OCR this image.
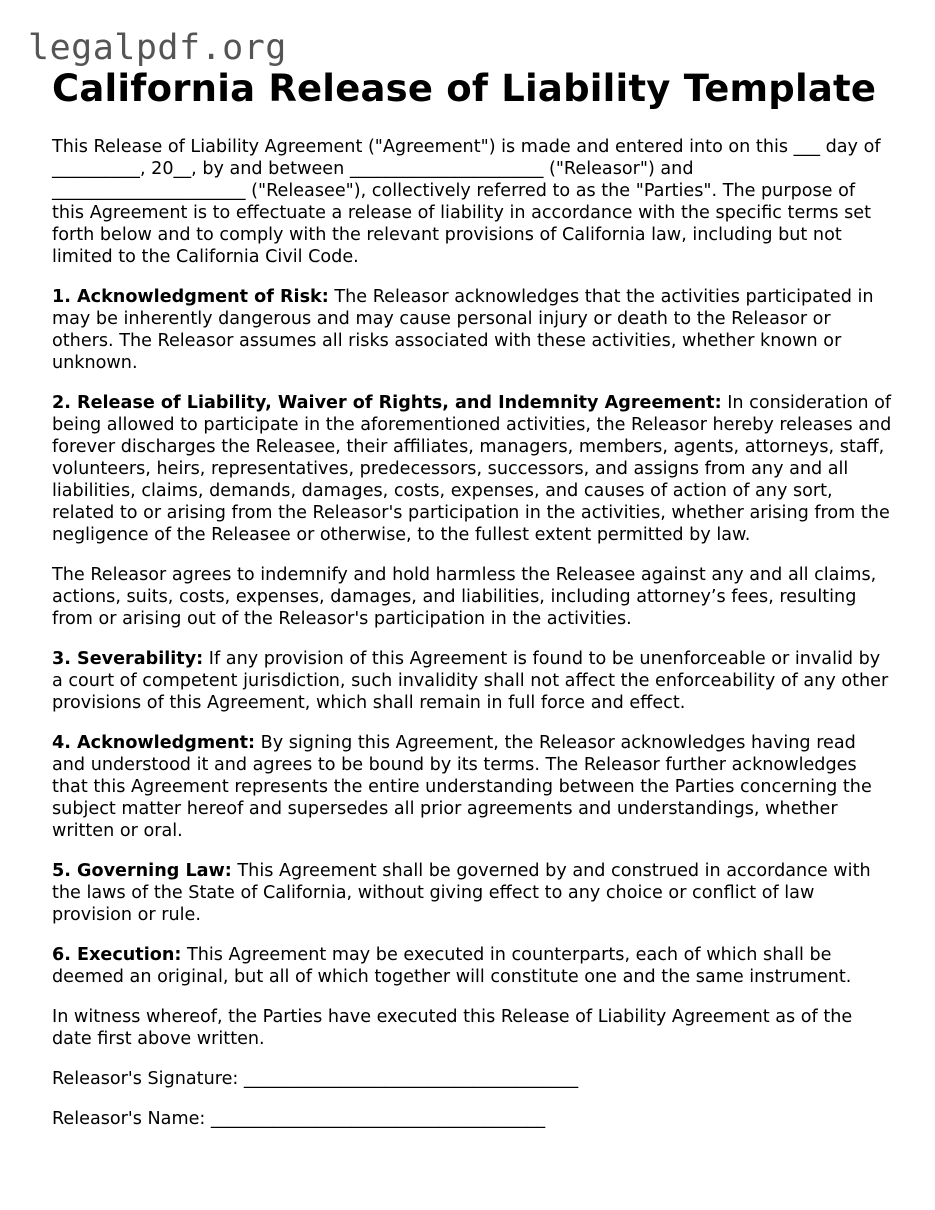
legalpdf.org
California Release of Liability Template

This Release of Liability Agreement ("Agreement") is made and entered into on this ___ day of __________, 20__, by and between ______________________ ("Releasor") and ______________________ ("Releasee"), collectively referred to as the "Parties". The purpose of this Agreement is to effectuate a release of liability in accordance with the specific terms set forth below and to comply with the relevant provisions of California law, including but not limited to the California Civil Code.

1. Acknowledgment of Risk: The Releasor acknowledges that the activities participated in may be inherently dangerous and may cause personal injury or death to the Releasor or others. The Releasor assumes all risks associated with these activities, whether known or unknown.

2. Release of Liability, Waiver of Rights, and Indemnity Agreement: In consideration of being allowed to participate in the aforementioned activities, the Releasor hereby releases and forever discharges the Releasee, their affiliates, managers, members, agents, attorneys, staff, volunteers, heirs, representatives, predecessors, successors, and assigns from any and all liabilities, claims, demands, damages, costs, expenses, and causes of action of any sort, related to or arising from the Releasor's participation in the activities, whether arising from the negligence of the Releasee or otherwise, to the fullest extent permitted by law.

The Releasor agrees to indemnify and hold harmless the Releasee against any and all claims, actions, suits, costs, expenses, damages, and liabilities, including attorney’s fees, resulting from or arising out of the Releasor's participation in the activities.

3. Severability: If any provision of this Agreement is found to be unenforceable or invalid by a court of competent jurisdiction, such invalidity shall not affect the enforceability of any other provisions of this Agreement, which shall remain in full force and effect.

4. Acknowledgment: By signing this Agreement, the Releasor acknowledges having read and understood it and agrees to be bound by its terms. The Releasor further acknowledges that this Agreement represents the entire understanding between the Parties concerning the subject matter hereof and supersedes all prior agreements and understandings, whether written or oral.

5. Governing Law: This Agreement shall be governed by and construed in accordance with the laws of the State of California, without giving effect to any choice or conflict of law provision or rule.

6. Execution: This Agreement may be executed in counterparts, each of which shall be deemed an original, but all of which together will constitute one and the same instrument.

In witness whereof, the Parties have executed this Release of Liability Agreement as of the date first above written.

Releasor's Signature: ______________________________________

Releasor's Name: ______________________________________
